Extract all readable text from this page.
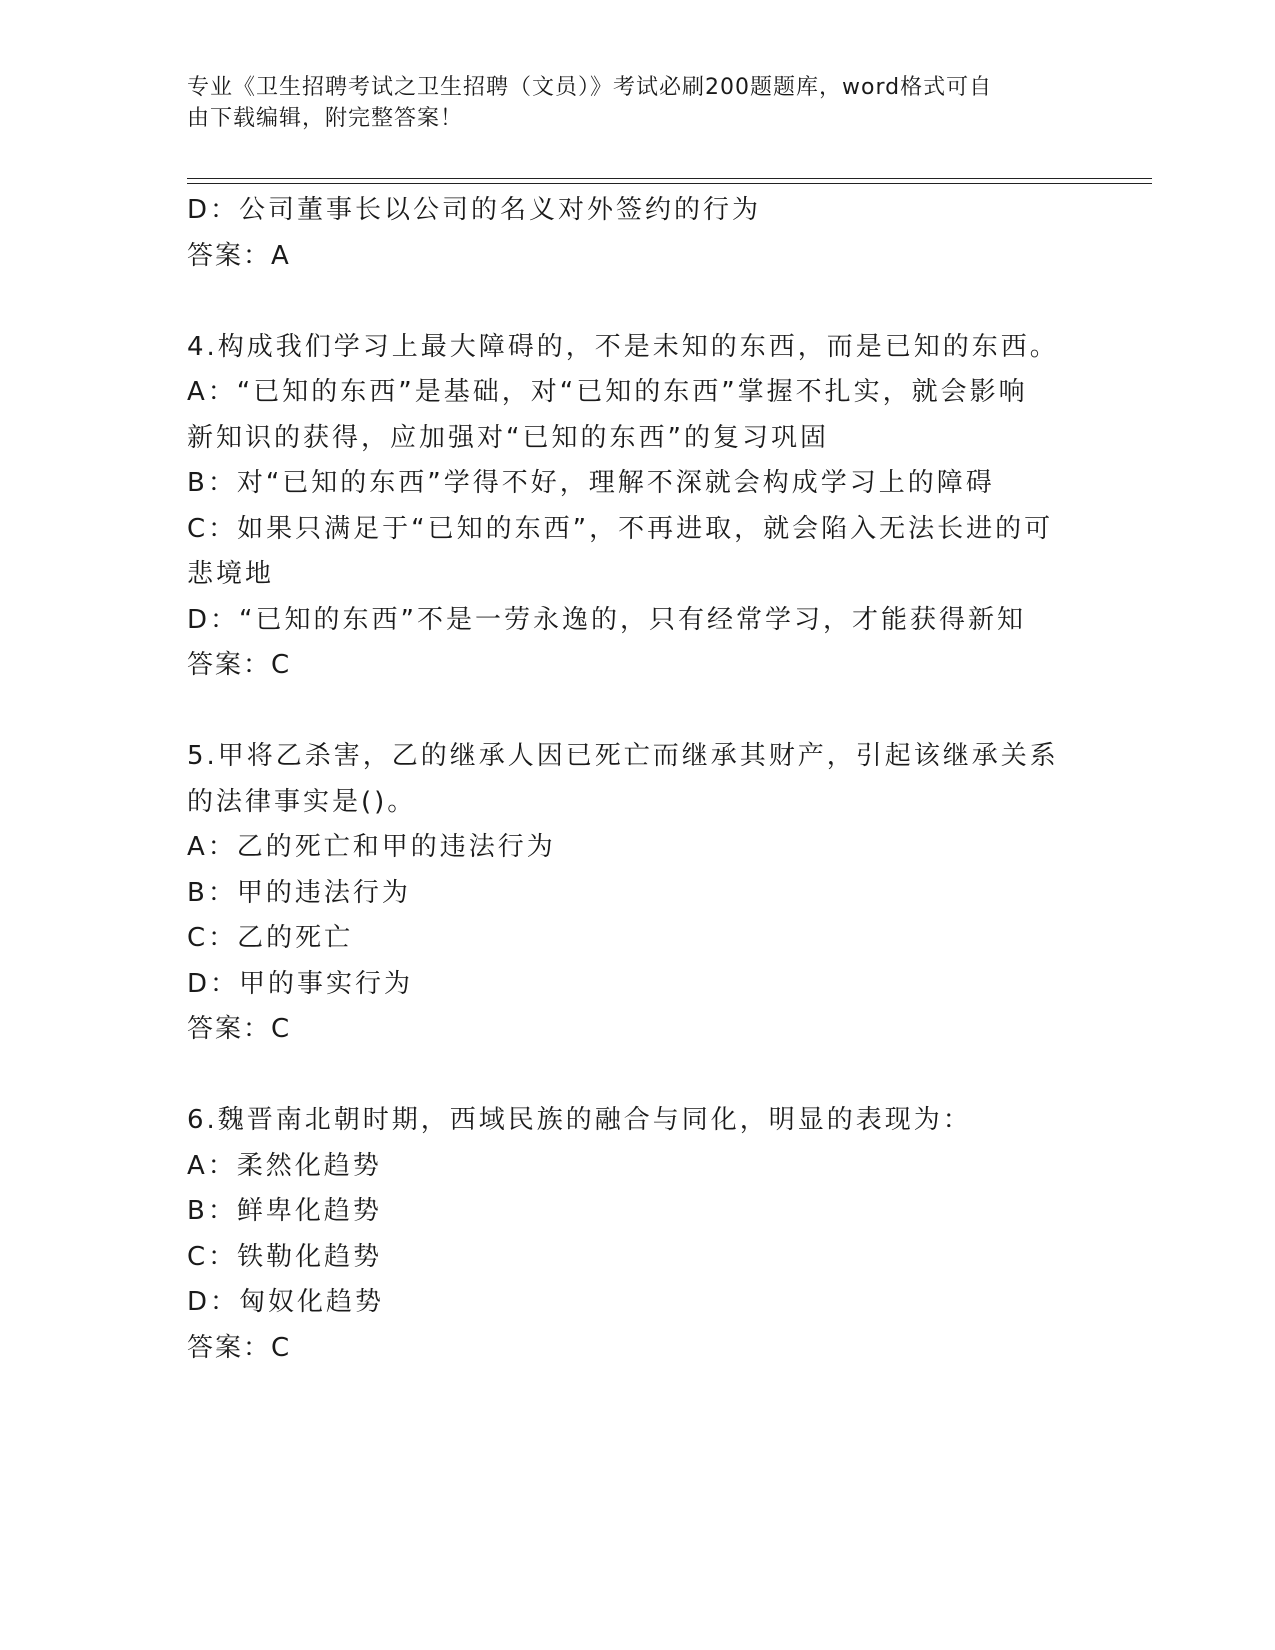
专业《卫生招聘考试之卫生招聘（文员）》考试必刷200题题库，word格式可自
由下载编辑，附完整答案！
D：公司董事长以公司的名义对外签约的行为
答案：A
4.构成我们学习上最大障碍的，不是未知的东西，而是已知的东西。
A：“已知的东西”是基础，对“已知的东西”掌握不扎实，就会影响
新知识的获得，应加强对“已知的东西”的复习巩固
B：对“已知的东西”学得不好，理解不深就会构成学习上的障碍
C：如果只满足于“已知的东西”，不再进取，就会陷入无法长进的可
悲境地
D：“已知的东西”不是一劳永逸的，只有经常学习，才能获得新知
答案：C
5.甲将乙杀害，乙的继承人因已死亡而继承其财产，引起该继承关系
的法律事实是()。
A：乙的死亡和甲的违法行为
B：甲的违法行为
C：乙的死亡
D：甲的事实行为
答案：C
6.魏晋南北朝时期，西域民族的融合与同化，明显的表现为：
A：柔然化趋势
B：鲜卑化趋势
C：铁勒化趋势
D：匈奴化趋势
答案：C
